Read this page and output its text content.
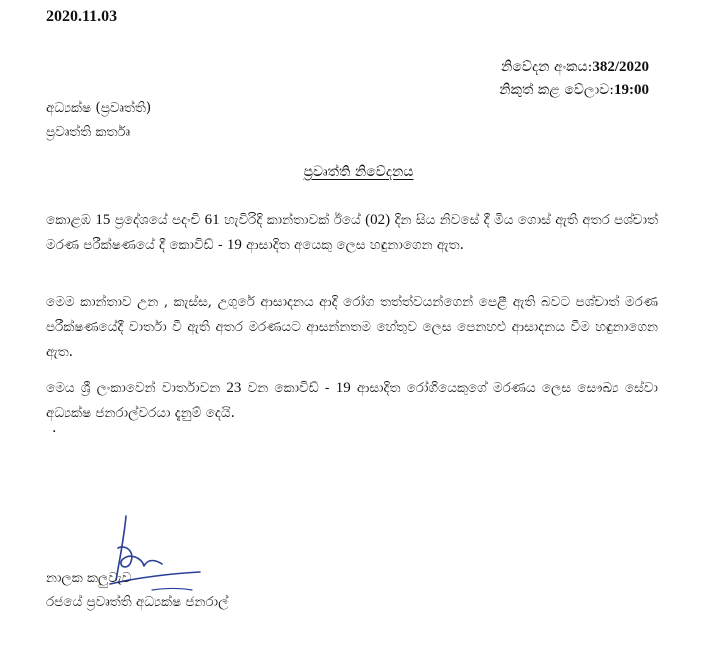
2020.11.03
නිවේදන අංකය:382/2020
නිකුත් කළ වේලාව:19:00
අධ්‍යක්ෂ (ප්‍රවෘත්ති)
ප්‍රවෘත්ති කර්තෘ
ප්‍රවෘත්ති නිවේදනය
කොළඹ 15 ප්‍රදේශයේ පදංචි 61 හැවිරිදි කාන්තාවක් ඊයේ (02) දින සිය නිවසේ දී මිය ගොස් ඇති අතර පශ්චාත් මරණ පරීක්ෂණයේ දී කොවිඩ් - 19 ආසාදිත අයෙකු ලෙස හඳුනාගෙන ඇත.
මෙම කාන්තාව උන , කැස්ස, උගුරේ ආසාදනය ආදි රෝග තත්ත්වයන්ගෙන් පෙළී ඇති බවට පශ්චාත් මරණ පරීක්ෂණයේදී වාර්තා වී ඇති අතර මරණයට ආසන්නතම හේතුව ලෙස පෙනහළු ආසාදනය වීම හඳුනාගෙන ඇත.
මෙය ශ්‍රී ලංකාවෙන් වාර්තාවන 23 වන කොවිඩ් - 19 ආසාදිත රෝගියෙකුගේ මරණය ලෙස සෞඛ්‍ය සේවා අධ්‍යක්ෂ ජනරාල්වරයා දැනුම් දෙයි.
.
නාලක කලුවැව
රජයේ ප්‍රවෘත්ති අධ්‍යක්ෂ ජනරාල්
